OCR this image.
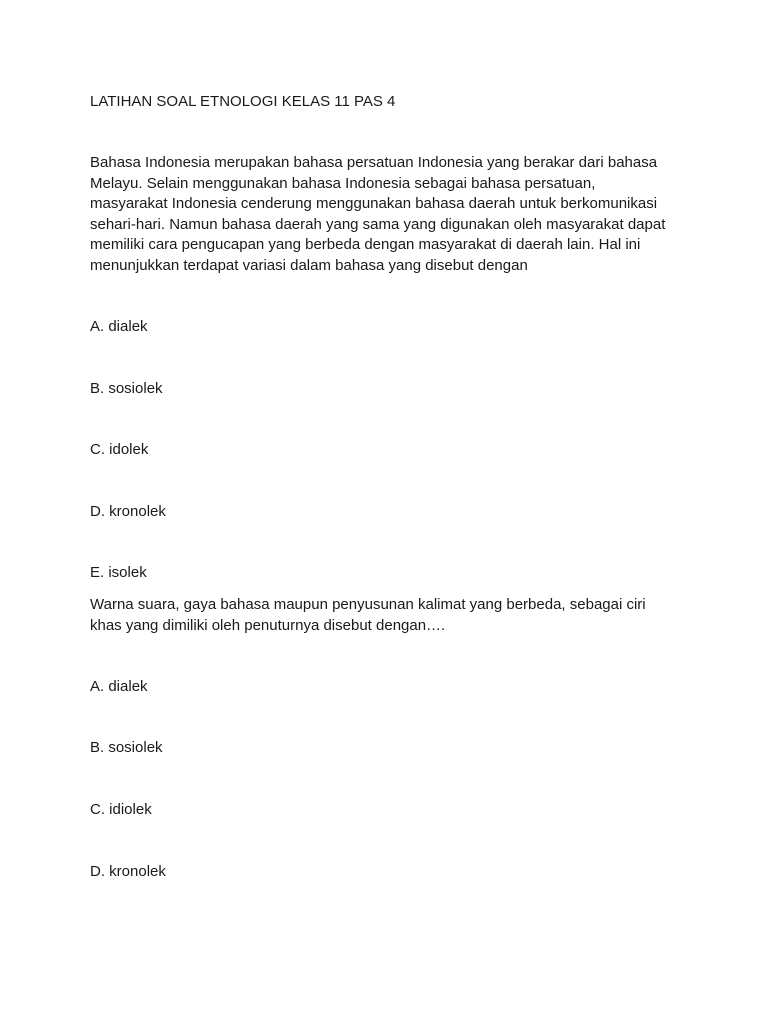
LATIHAN SOAL ETNOLOGI KELAS 11 PAS 4

Bahasa Indonesia merupakan bahasa persatuan Indonesia yang berakar dari bahasa
Melayu. Selain menggunakan bahasa Indonesia sebagai bahasa persatuan,
masyarakat Indonesia cenderung menggunakan bahasa daerah untuk berkomunikasi
sehari-hari. Namun bahasa daerah yang sama yang digunakan oleh masyarakat dapat
memiliki cara pengucapan yang berbeda dengan masyarakat di daerah lain. Hal ini
menunjukkan terdapat variasi dalam bahasa yang disebut dengan

A. dialek

B. sosiolek

C. idolek

D. kronolek

E. isolek

Warna suara, gaya bahasa maupun penyusunan kalimat yang berbeda, sebagai ciri
khas yang dimiliki oleh penuturnya disebut dengan….

A. dialek

B. sosiolek

C. idiolek

D. kronolek
